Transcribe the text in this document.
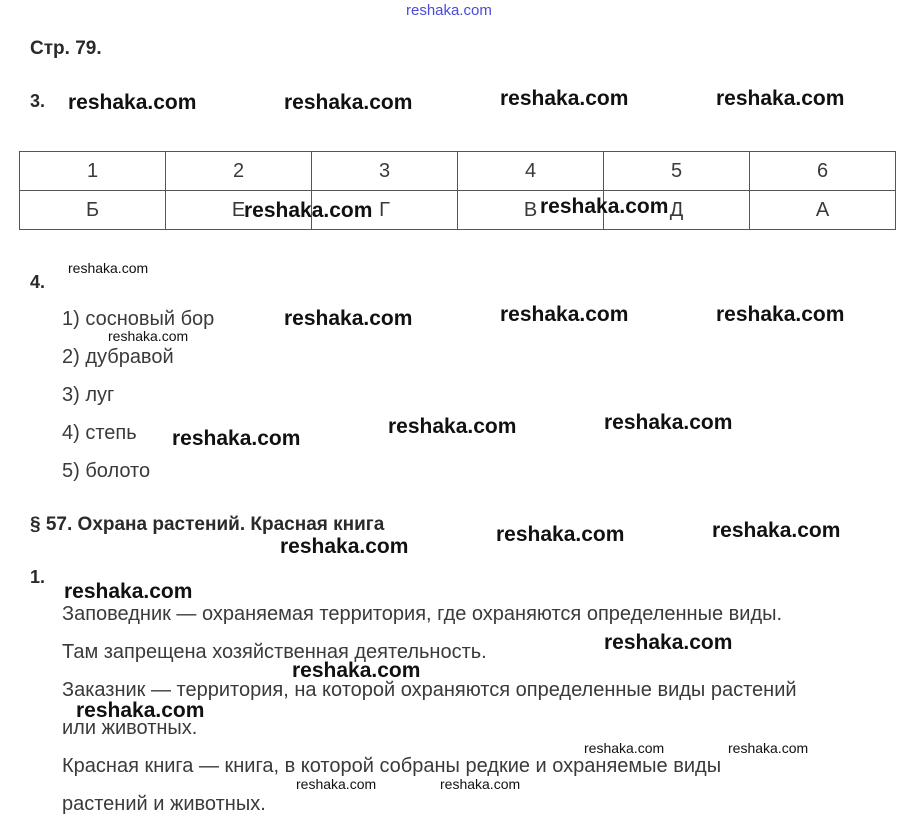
reshaka.com
Стр. 79.
3.
1	2	3	4	5	6
Б	Е	Г	В	Д	А
4.
1) сосновый бор
2) дубравой
3) луг
4) степь
5) болото
§ 57. Охрана растений. Красная книга
1.
Заповедник — охраняемая территория, где охраняются определенные виды.
Там запрещена хозяйственная деятельность.
Заказник — территория, на которой охраняются определенные виды растений
или животных.
Красная книга — книга, в которой собраны редкие и охраняемые виды
растений и животных.
reshaka.com	reshaka.com	reshaka.com	reshaka.com
reshaka.com	reshaka.com
reshaka.com	reshaka.com	reshaka.com
reshaka.com
reshaka.com	reshaka.com
reshaka.com
reshaka.com	reshaka.com
reshaka.com
reshaka.com
reshaka.com
reshaka.com
reshaka.com
reshaka.com
reshaka.com	reshaka.com
reshaka.com	reshaka.com
